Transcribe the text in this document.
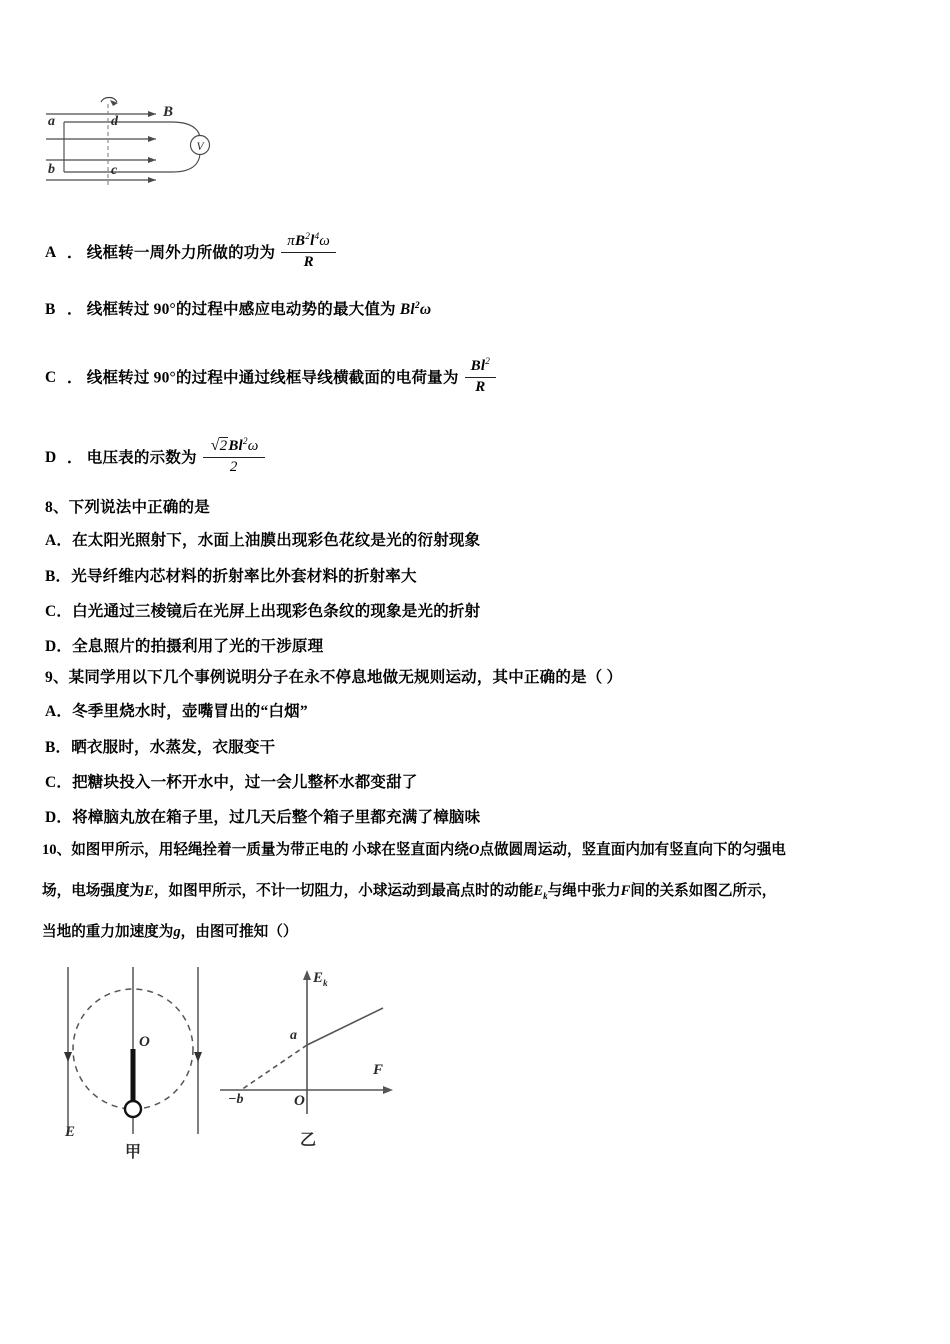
V
a
b
d
c
B
A ． 线框转一周外力所做的功为 $\frac{\pi B^2l^4\omega}{R}$
B ． 线框转过 90°的过程中感应电动势的最大值为 Bl$^2$ω
C ． 线框转过 90°的过程中通过线框导线横截面的电荷量为 $\frac{Bl^2}{R}$
D ． 电压表的示数为 $\frac{√2Bl^2\omega}{2}$
8、下列说法中正确的是
A．在太阳光照射下，水面上油膜出现彩色花纹是光的衍射现象
B．光导纤维内芯材料的折射率比外套材料的折射率大
C．白光通过三棱镜后在光屏上出现彩色条纹的现象是光的折射
D．全息照片的拍摄利用了光的干涉原理
9、某同学用以下几个事例说明分子在永不停息地做无规则运动，其中正确的是（ ）
A．冬季里烧水时，壶嘴冒出的“白烟”
B．晒衣服时，水蒸发，衣服变干
C．把糖块投入一杯开水中，过一会儿整杯水都变甜了
D．将樟脑丸放在箱子里，过几天后整个箱子里都充满了樟脑味
10、如图甲所示，用轻绳拴着一质量为带正电的 小球在竖直面内绕O点做圆周运动，竖直面内加有竖直向下的匀强电
场，电场强度为E，如图甲所示，不计一切阻力，小球运动到最高点时的动能$E_k$与绳中张力F间的关系如图乙所示，
当地的重力加速度为g，由图可推知（）
O
E
甲
$E_k$
F
O
a
−b
乙
